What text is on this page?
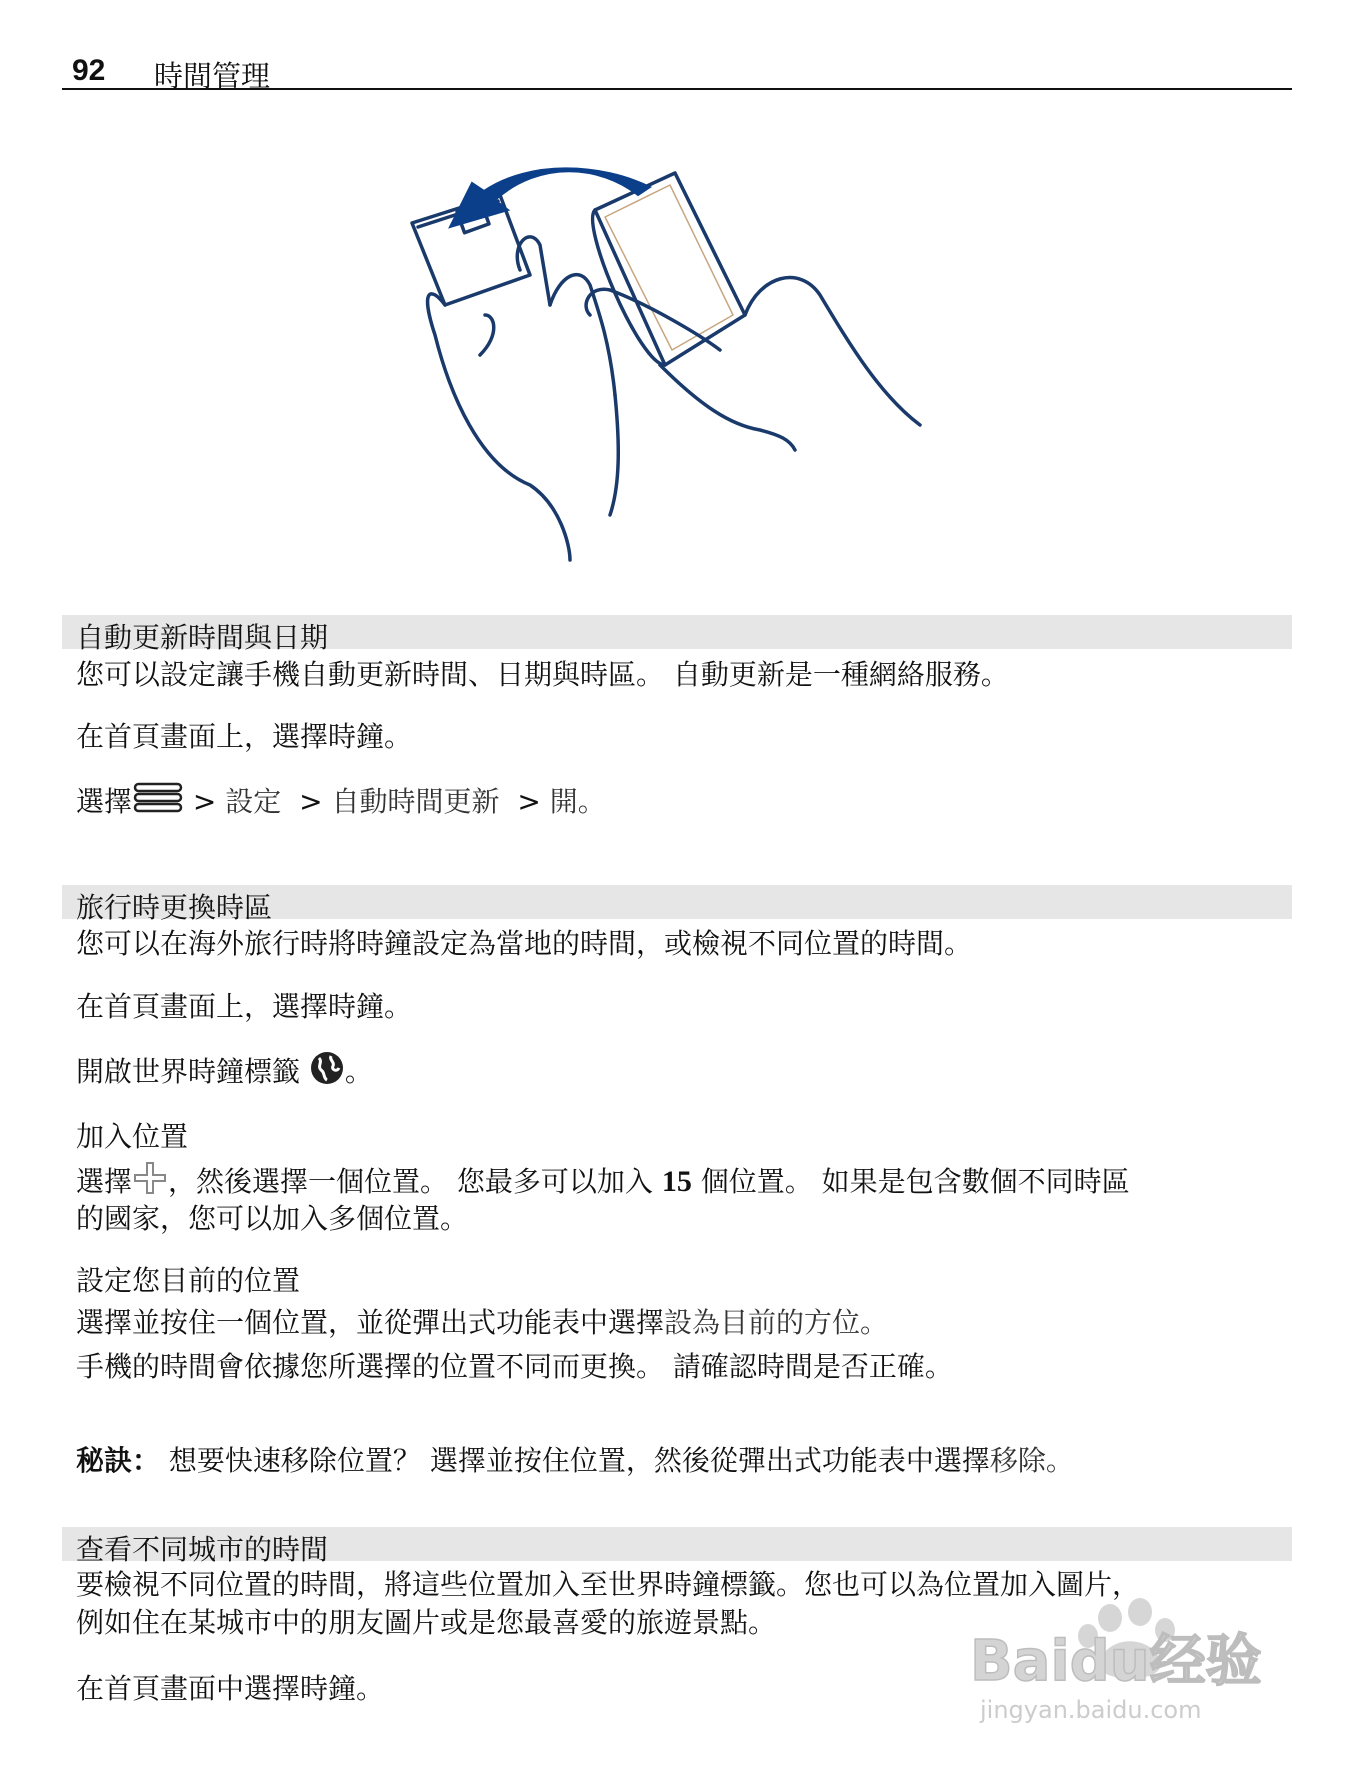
92 時間管理
自動更新時間與日期
您可以設定讓手機自動更新時間、日期與時區。 自動更新是一種網絡服務。
在首頁畫面上，選擇時鐘。
選擇 > 設定 > 自動時間更新 > 開。
旅行時更換時區
您可以在海外旅行時將時鐘設定為當地的時間，或檢視不同位置的時間。
在首頁畫面上，選擇時鐘。
開啟世界時鐘標籤 。
加入位置
選擇 ，然後選擇一個位置。 您最多可以加入 15 個位置。 如果是包含數個不同時區
的國家，您可以加入多個位置。
設定您目前的位置
選擇並按住一個位置，並從彈出式功能表中選擇設為目前的方位。
手機的時間會依據您所選擇的位置不同而更換。 請確認時間是否正確。
秘訣： 想要快速移除位置？ 選擇並按住位置，然後從彈出式功能表中選擇移除。
查看不同城市的時間
要檢視不同位置的時間，將這些位置加入至世界時鐘標籤。您也可以為位置加入圖片，
例如住在某城市中的朋友圖片或是您最喜愛的旅遊景點。
在首頁畫面中選擇時鐘。	Baidu经验
jingyan.baidu.com
